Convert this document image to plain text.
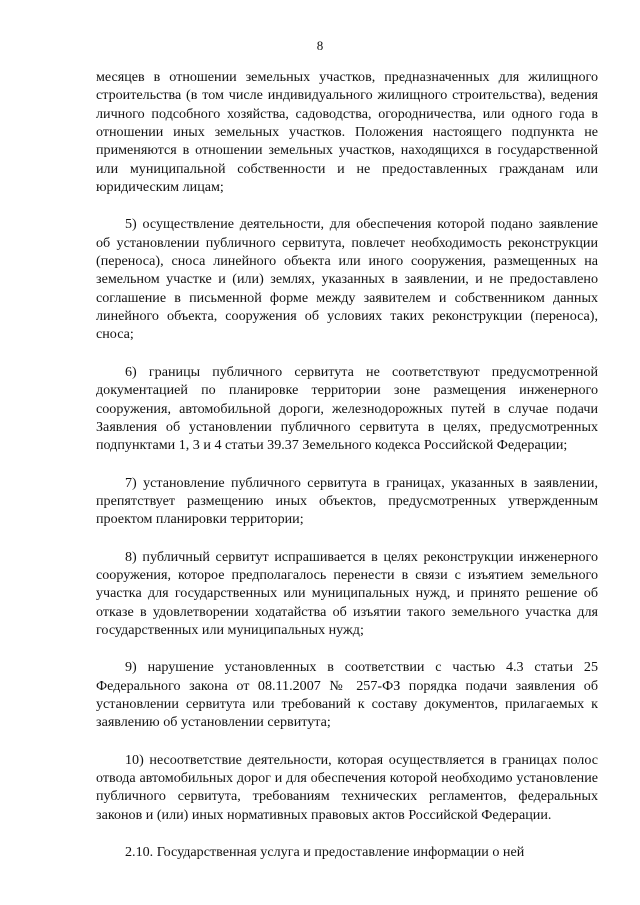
8

месяцев в отношении земельных участков, предназначенных для жилищного строительства (в том числе индивидуального жилищного строительства), ведения личного подсобного хозяйства, садоводства, огородничества, или одного года в отношении иных земельных участков. Положения настоящего подпункта не применяются в отношении земельных участков, находящихся в государственной или муниципальной собственности и не предоставленных гражданам или юридическим лицам;

5) осуществление деятельности, для обеспечения которой подано заявление об установлении публичного сервитута, повлечет необходимость реконструкции (переноса), сноса линейного объекта или иного сооружения, размещенных на земельном участке и (или) землях, указанных в заявлении, и не предоставлено соглашение в письменной форме между заявителем и собственником данных линейного объекта, сооружения об условиях таких реконструкции (переноса), сноса;

6) границы публичного сервитута не соответствуют предусмотренной документацией по планировке территории зоне размещения инженерного сооружения, автомобильной дороги, железнодорожных путей в случае подачи Заявления об установлении публичного сервитута в целях, предусмотренных подпунктами 1, 3 и 4 статьи 39.37 Земельного кодекса Российской Федерации;

7) установление публичного сервитута в границах, указанных в заявлении, препятствует размещению иных объектов, предусмотренных утвержденным проектом планировки территории;

8) публичный сервитут испрашивается в целях реконструкции инженерного сооружения, которое предполагалось перенести в связи с изъятием земельного участка для государственных или муниципальных нужд, и принято решение об отказе в удовлетворении ходатайства об изъятии такого земельного участка для государственных или муниципальных нужд;

9) нарушение установленных в соответствии с частью 4.3 статьи 25 Федерального закона от 08.11.2007 № 257-ФЗ порядка подачи заявления об установлении сервитута или требований к составу документов, прилагаемых к заявлению об установлении сервитута;

10) несоответствие деятельности, которая осуществляется в границах полос отвода автомобильных дорог и для обеспечения которой необходимо установление публичного сервитута, требованиям технических регламентов, федеральных законов и (или) иных нормативных правовых актов Российской Федерации.

2.10. Государственная услуга и предоставление информации о ней
